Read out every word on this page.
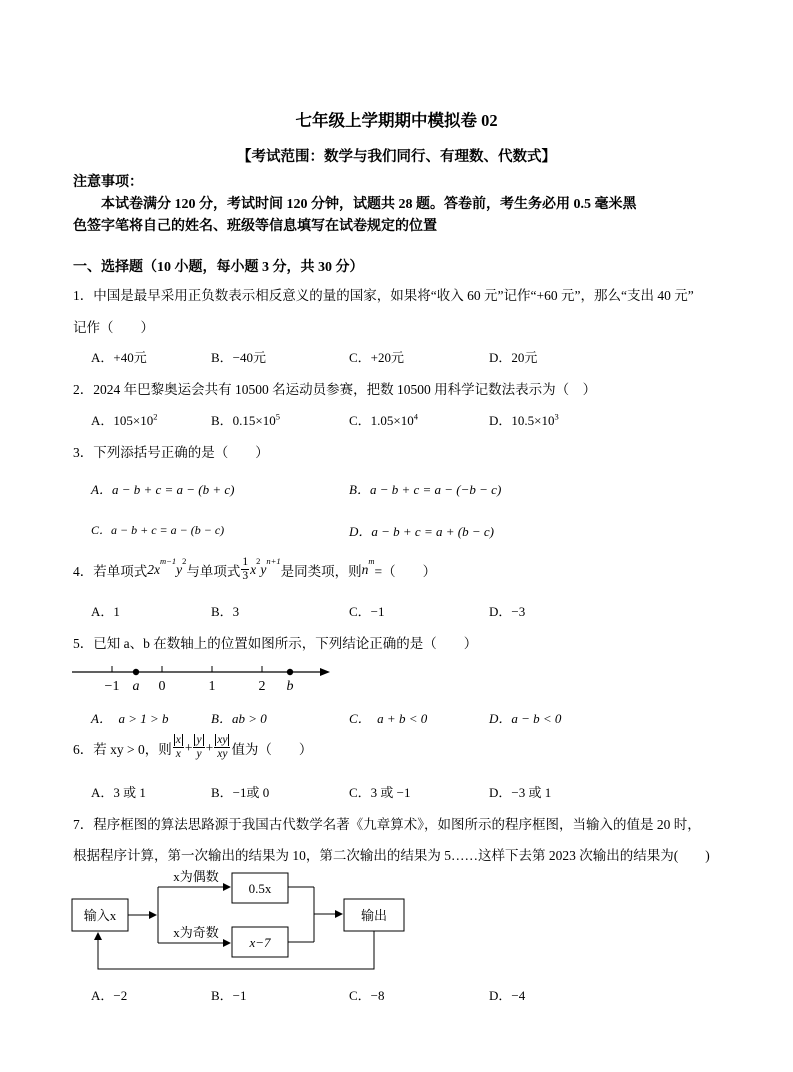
七年级上学期期中模拟卷 02
【考试范围：数学与我们同行、有理数、代数式】
注意事项：
本试卷满分 120 分，考试时间 120 分钟，试题共 28 题。答卷前，考生务必用 0.5 毫米黑
色签字笔将自己的姓名、班级等信息填写在试卷规定的位置
一、选择题（10 小题，每小题 3 分，共 30 分）
1．中国是最早采用正负数表示相反意义的量的国家，如果将“收入 60 元”记作“+60 元”，那么“支出 40 元”
记作（　　）
A．+40元	B．−40元	C．+20元	D．20元
2．2024 年巴黎奥运会共有 10500 名运动员参赛，把数 10500 用科学记数法表示为（　）
A．$105\times 10^2$	B．$0.15\times 10^5$	C．$1.05\times 10^4$	D．$10.5\times 10^3$
3．下列添括号正确的是（　　）
A．a − b + c = a − (b + c)	B．a − b + c = a − (−b − c)
C．a − b + c = a − (b − c)	D．a − b + c = a + (b − c)
4．若单项式 2x
$^{m-1}$
y
$^2$
与单项式 $\frac{1}{3}$ x
$^2$
y
$^{n+1}$
是同类项，则 n
$^m$
=（　　）
A．1	B．3	C．−1	D．−3
5．已知 a、b 在数轴上的位置如图所示，下列结论正确的是（　　）
−1	0	1	2
a	b
A．　a > 1 > b	B．ab > 0	C．　a + b < 0	D．a − b < 0
6．若 xy > 0，则 $\frac{x}{x} + \frac{y}{y} + \frac{xy}{xy}$ 值为（　　）
A．3 或 1	B．−1或 0	C．3 或 −1	D．−3 或 1
7．程序框图的算法思路源于我国古代数学名著《九章算术》，如图所示的程序框图，当输入的值是 20 时，
根据程序计算，第一次输出的结果为 10，第二次输出的结果为 5……这样下去第 2023 次输出的结果为(　　)
输入x
x为偶数
x为奇数
0.5x
x−7
输出
A．−2	B．−1	C．−8	D．−4
